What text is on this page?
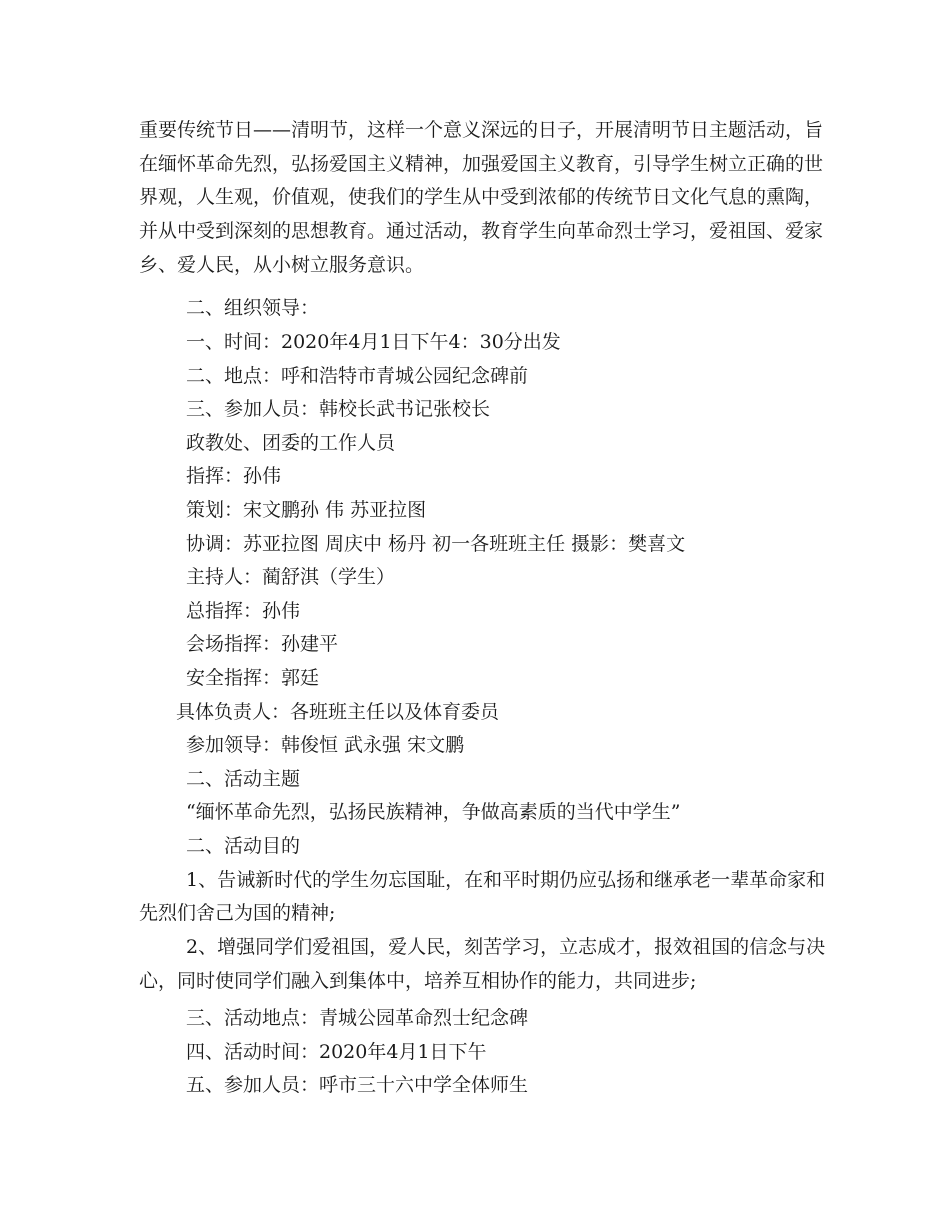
重要传统节日——清明节，这样一个意义深远的日子，开展清明节日主题活动，旨
在缅怀革命先烈，弘扬爱国主义精神，加强爱国主义教育，引导学生树立正确的世
界观，人生观，价值观，使我们的学生从中受到浓郁的传统节日文化气息的熏陶，
并从中受到深刻的思想教育。通过活动，教育学生向革命烈士学习，爱祖国、爱家
乡、爱人民，从小树立服务意识。
二、组织领导：
一、时间：2020年4月1日下午4：30分出发
二、地点：呼和浩特市青城公园纪念碑前
三、参加人员：韩校长武书记张校长
政教处、团委的工作人员
指挥：孙伟
策划：宋文鹏孙 伟 苏亚拉图
协调：苏亚拉图 周庆中 杨丹 初一各班班主任 摄影：樊喜文
主持人：蔺舒淇（学生）
总指挥：孙伟
会场指挥：孙建平
安全指挥：郭廷
具体负责人：各班班主任以及体育委员
参加领导：韩俊恒 武永强 宋文鹏
二、活动主题
“缅怀革命先烈，弘扬民族精神，争做高素质的当代中学生”
二、活动目的
1、告诫新时代的学生勿忘国耻，在和平时期仍应弘扬和继承老一辈革命家和
先烈们舍己为国的精神;
2、增强同学们爱祖国，爱人民，刻苦学习，立志成才，报效祖国的信念与决
心，同时使同学们融入到集体中，培养互相协作的能力，共同进步;
三、活动地点：青城公园革命烈士纪念碑
四、活动时间：2020年4月1日下午
五、参加人员：呼市三十六中学全体师生
